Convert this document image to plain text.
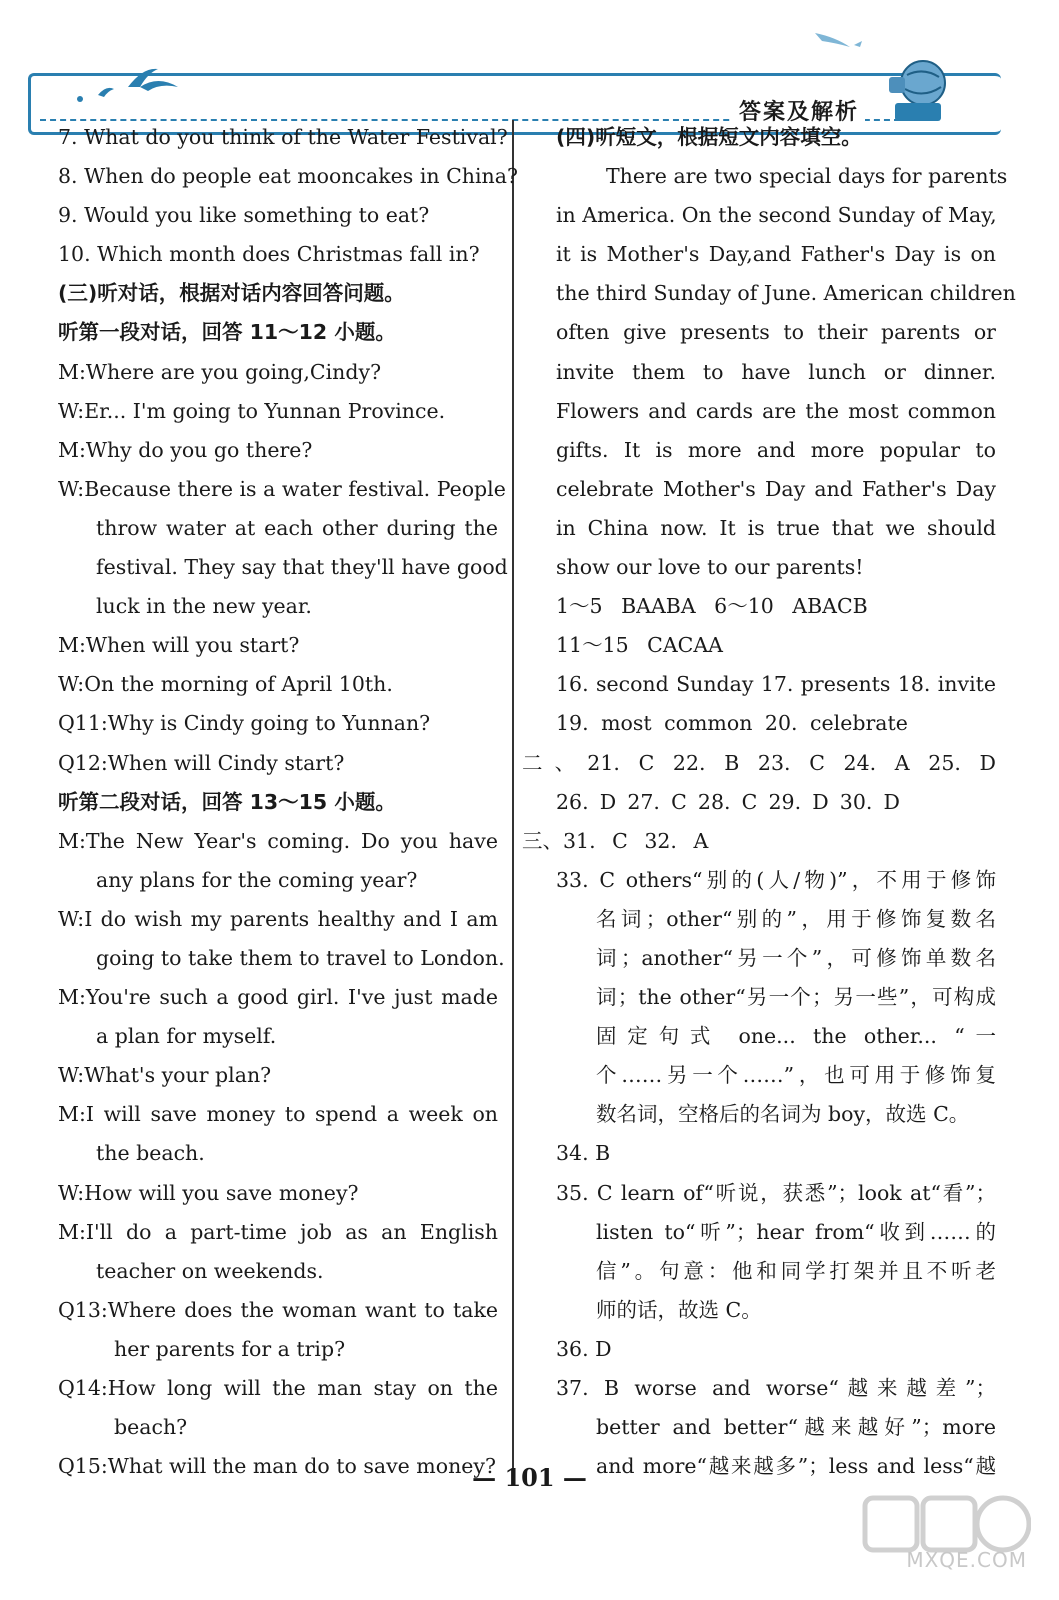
答案及解析
7. What do you think of the Water Festival?
8. When do people eat mooncakes in China?
9. Would you like something to eat?
10. Which month does Christmas fall in?
(三)听对话，根据对话内容回答问题。
听第一段对话，回答 11～12 小题。
M:Where are you going,Cindy?
W:Er... I'm going to Yunnan Province.
M:Why do you go there?
W:Because there is a water festival. People
throw water at each other during the
festival. They say that they'll have good
luck in the new year.
M:When will you start?
W:On the morning of April 10th.
Q11:Why is Cindy going to Yunnan?
Q12:When will Cindy start?
听第二段对话，回答 13～15 小题。
M:The New Year's coming. Do you have
any plans for the coming year?
W:I do wish my parents healthy and I am
going to take them to travel to London.
M:You're such a good girl. I've just made
a plan for myself.
W:What's your plan?
M:I will save money to spend a week on
the beach.
W:How will you save money?
M:I'll do a part-time job as an English
teacher on weekends.
Q13:Where does the woman want to take
her parents for a trip?
Q14:How long will the man stay on the
beach?
Q15:What will the man do to save money?
(四)听短文，根据短文内容填空。
There are two special days for parents
in America. On the second Sunday of May,
it is Mother's Day,and Father's Day is on
the third Sunday of June. American children
often give presents to their parents or
invite them to have lunch or dinner.
Flowers and cards are the most common
gifts. It is more and more popular to
celebrate Mother's Day and Father's Day
in China now. It is true that we should
show our love to our parents!
1～5 BAABA 6～10 ABACB
11～15 CACAA
16. second Sunday 17. presents 18. invite
19. most common 20. celebrate
二、21. C 22. B 23. C 24. A 25. D
26. D 27. C 28. C 29. D 30. D
三、31. C 32. A
33. C others“别的(人/物)”，不用于修饰
名词；other“别的”，用于修饰复数名
词；another“另一个”，可修饰单数名
词；the other“另一个；另一些”，可构成
固定句式 one... the other... “一
个……另一个……”，也可用于修饰复
数名词，空格后的名词为 boy，故选 C。
34. B
35. C learn of“听说，获悉”；look at“看”；
listen to“听”；hear from“收到……的
信”。句意：他和同学打架并且不听老
师的话，故选 C。
36. D
37. B worse and worse“越来越差”；
better and better“越来越好”；more
and more“越来越多”；less and less“越
— 101 —
MXQE.COM
